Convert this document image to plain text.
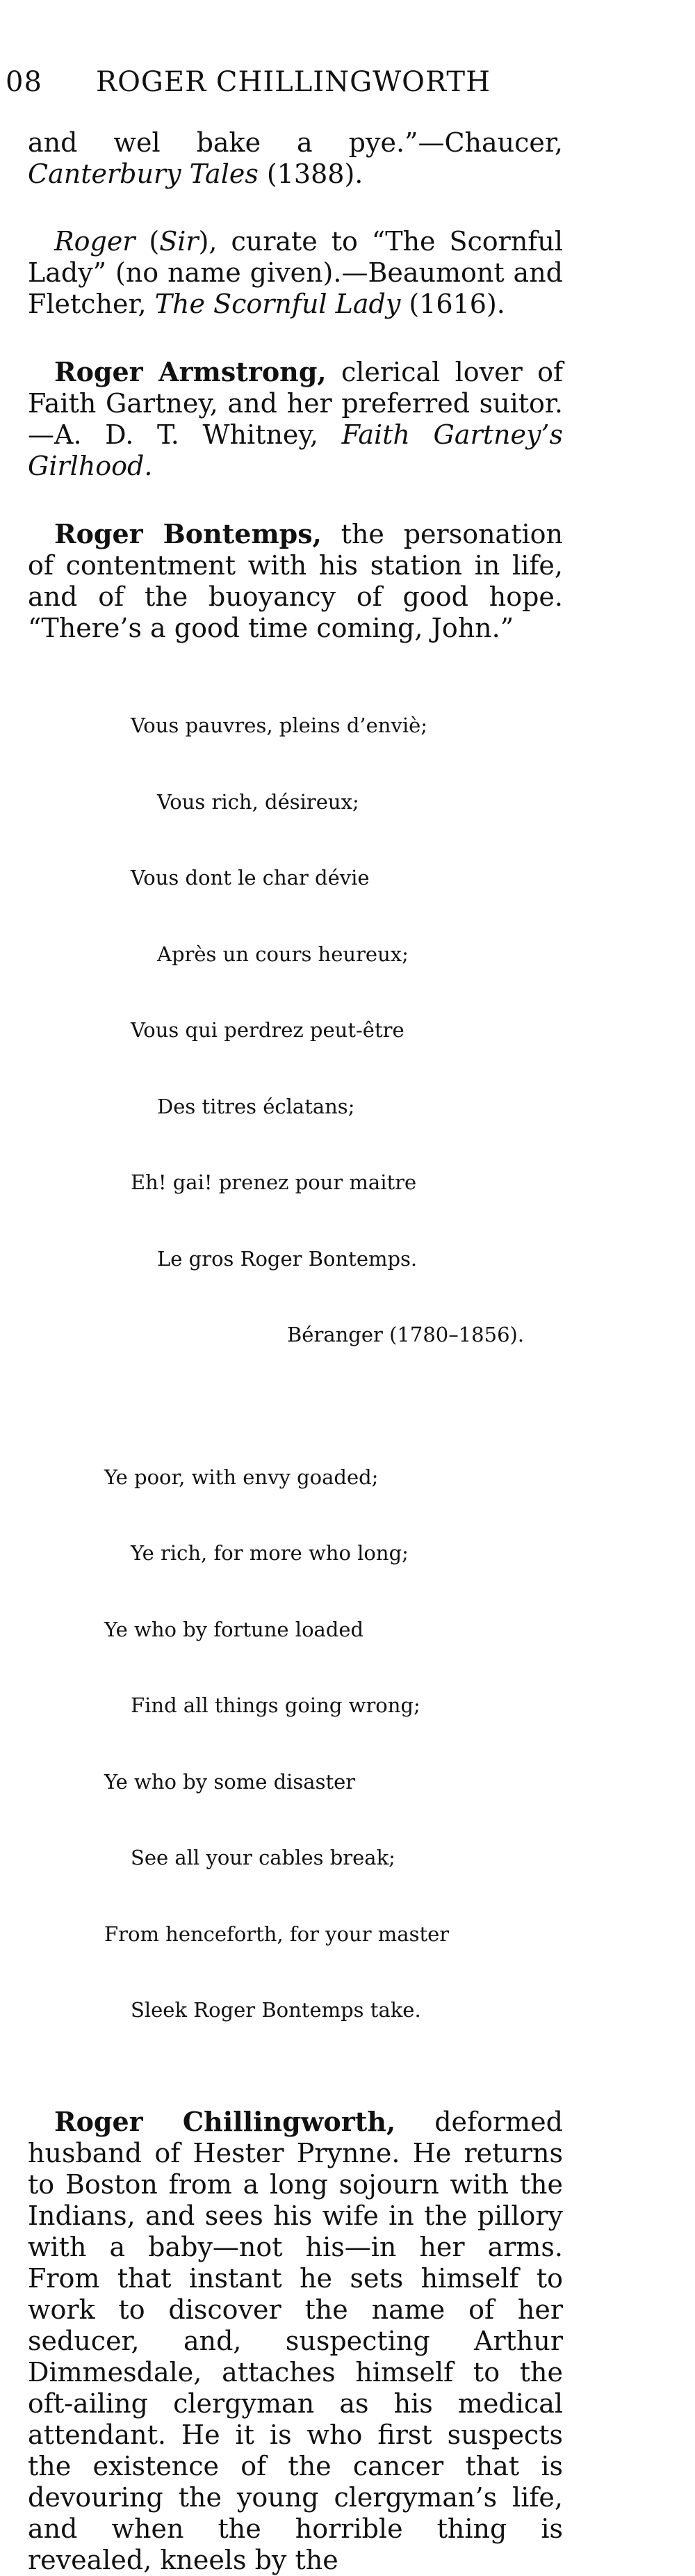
08 ROGER CHILLINGWORTH

and wel bake a pye.”—Chaucer, Canterbury Tales (1388).

Roger (Sir), curate to “The Scornful Lady” (no name given).—Beaumont and Fletcher, The Scornful Lady (1616).

Roger Armstrong, clerical lover of Faith Gartney, and her preferred suitor.—A. D. T. Whitney, Faith Gartney’s Girlhood.

Roger Bontemps, the personation of contentment with his station in life, and of the buoyancy of good hope. “There’s a good time coming, John.”

Vous pauvres, pleins d’enviè;

Vous rich, désireux;

Vous dont le char dévie

Après un cours heureux;

Vous qui perdrez peut-être

Des titres éclatans;

Eh! gai! prenez pour maitre

Le gros Roger Bontemps.

Béranger (1780–1856).

Ye poor, with envy goaded;

Ye rich, for more who long;

Ye who by fortune loaded

Find all things going wrong;

Ye who by some disaster

See all your cables break;

From henceforth, for your master

Sleek Roger Bontemps take.

Roger Chillingworth, deformed husband of Hester Prynne. He returns to Boston from a long sojourn with the Indians, and sees his wife in the pillory with a baby—not his—in her arms. From that instant he sets himself to work to discover the name of her seducer, and, suspecting Arthur Dimmesdale, attaches himself to the oft-ailing clergyman as his medical attendant. He it is who first suspects the existence of the cancer that is devouring the young clergyman’s life, and when the horrible thing is revealed, kneels by the
